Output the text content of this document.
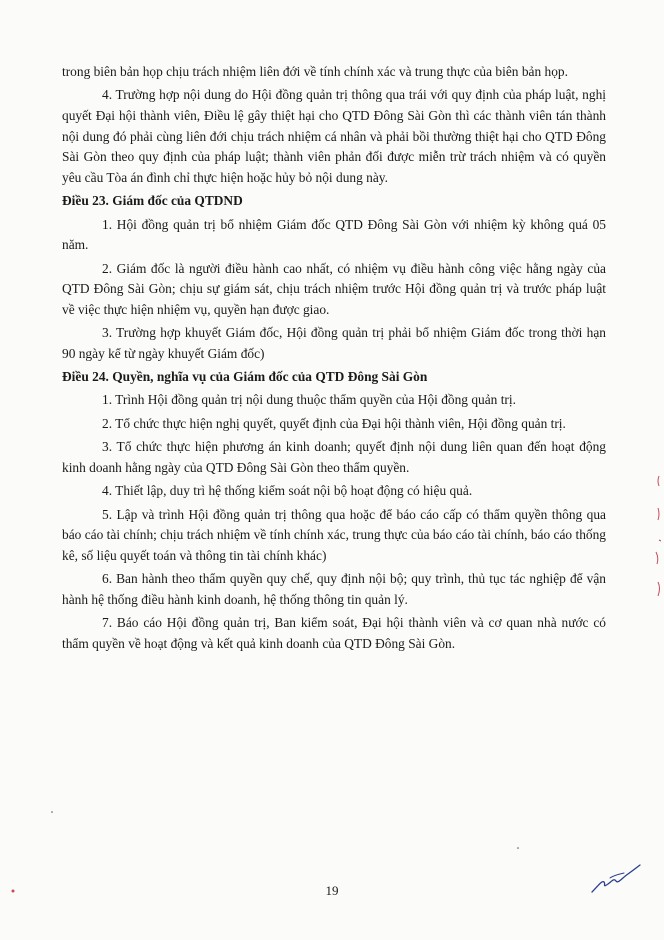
trong biên bản họp chịu trách nhiệm liên đới về tính chính xác và trung thực của biên bản họp.

4. Trường hợp nội dung do Hội đồng quản trị thông qua trái với quy định của pháp luật, nghị quyết Đại hội thành viên, Điều lệ gây thiệt hại cho QTD Đông Sài Gòn thì các thành viên tán thành nội dung đó phải cùng liên đới chịu trách nhiệm cá nhân và phải bồi thường thiệt hại cho QTD Đông Sài Gòn theo quy định của pháp luật; thành viên phản đối được miễn trừ trách nhiệm và có quyền yêu cầu Tòa án đình chỉ thực hiện hoặc hủy bỏ nội dung này.

Điều 23. Giám đốc của QTDND

1. Hội đồng quản trị bổ nhiệm Giám đốc QTD Đông Sài Gòn với nhiệm kỳ không quá 05 năm.

2. Giám đốc là người điều hành cao nhất, có nhiệm vụ điều hành công việc hằng ngày của QTD Đông Sài Gòn; chịu sự giám sát, chịu trách nhiệm trước Hội đồng quản trị và trước pháp luật về việc thực hiện nhiệm vụ, quyền hạn được giao.

3. Trường hợp khuyết Giám đốc, Hội đồng quản trị phải bổ nhiệm Giám đốc trong thời hạn 90 ngày kể từ ngày khuyết Giám đốc)

Điều 24. Quyền, nghĩa vụ của Giám đốc của QTD Đông Sài Gòn

1. Trình Hội đồng quản trị nội dung thuộc thẩm quyền của Hội đồng quản trị.

2. Tổ chức thực hiện nghị quyết, quyết định của Đại hội thành viên, Hội đồng quản trị.

3. Tổ chức thực hiện phương án kinh doanh; quyết định nội dung liên quan đến hoạt động kinh doanh hằng ngày của QTD Đông Sài Gòn theo thẩm quyền.

4. Thiết lập, duy trì hệ thống kiểm soát nội bộ hoạt động có hiệu quả.

5. Lập và trình Hội đồng quản trị thông qua hoặc để báo cáo cấp có thẩm quyền thông qua báo cáo tài chính; chịu trách nhiệm về tính chính xác, trung thực của báo cáo tài chính, báo cáo thống kê, số liệu quyết toán và thông tin tài chính khác)

6. Ban hành theo thẩm quyền quy chế, quy định nội bộ; quy trình, thủ tục tác nghiệp để vận hành hệ thống điều hành kinh doanh, hệ thống thông tin quản lý.

7. Báo cáo Hội đồng quản trị, Ban kiểm soát, Đại hội thành viên và cơ quan nhà nước có thẩm quyền về hoạt động và kết quả kinh doanh của QTD Đông Sài Gòn.

19
